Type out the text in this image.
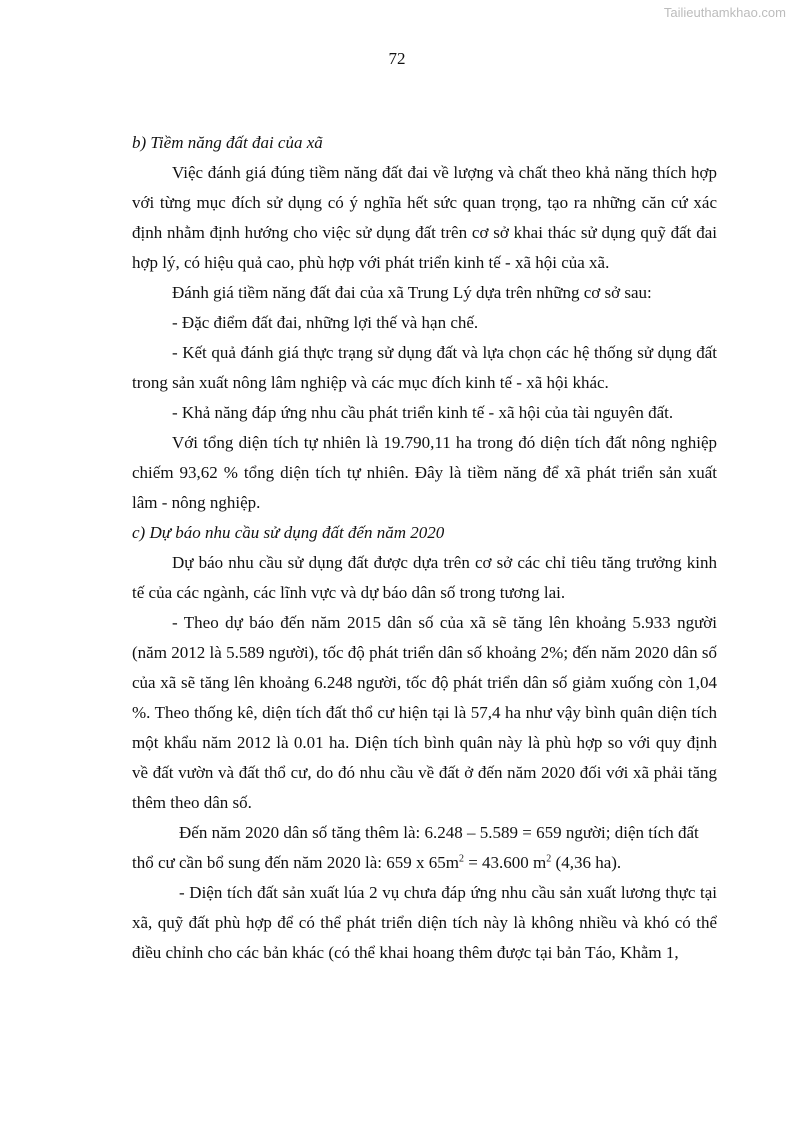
Tailieuthamkhao.com
72

b) Tiềm năng đất đai của xã

Việc đánh giá đúng tiềm năng đất đai về lượng và chất theo khả năng thích hợp với từng mục đích sử dụng có ý nghĩa hết sức quan trọng, tạo ra những căn cứ xác định nhằm định hướng cho việc sử dụng đất trên cơ sở khai thác sử dụng quỹ đất đai hợp lý, có hiệu quả cao, phù hợp với phát triển kinh tế - xã hội của xã.

Đánh giá tiềm năng đất đai của xã Trung Lý dựa trên những cơ sở sau:

- Đặc điểm đất đai, những lợi thế và hạn chế.

- Kết quả đánh giá thực trạng sử dụng đất và lựa chọn các hệ thống sử dụng đất trong sản xuất nông lâm nghiệp và các mục đích kinh tế - xã hội khác.

- Khả năng đáp ứng nhu cầu phát triển kinh tế - xã hội của tài nguyên đất.

Với tổng diện tích tự nhiên là 19.790,11 ha trong đó diện tích đất nông nghiệp chiếm 93,62 % tổng diện tích tự nhiên. Đây là tiềm năng để xã phát triển sản xuất lâm - nông nghiệp.

c) Dự báo nhu cầu sử dụng đất đến năm 2020

Dự báo nhu cầu sử dụng đất được dựa trên cơ sở các chỉ tiêu tăng trưởng kinh tế của các ngành, các lĩnh vực và dự báo dân số trong tương lai.

- Theo dự báo đến năm 2015 dân số của xã sẽ tăng lên khoảng 5.933 người (năm 2012 là 5.589 người), tốc độ phát triển dân số khoảng 2%; đến năm 2020 dân số của xã sẽ tăng lên khoảng 6.248 người, tốc độ phát triển dân số giảm xuống còn 1,04 %. Theo thống kê, diện tích đất thổ cư hiện tại là 57,4 ha như vậy bình quân diện tích một khẩu năm 2012 là 0.01 ha. Diện tích bình quân này là phù hợp so với quy định về đất vườn và đất thổ cư, do đó nhu cầu về đất ở đến năm 2020 đối với xã phải tăng thêm theo dân số.

Đến năm 2020 dân số tăng thêm là: 6.248 – 5.589 = 659 người; diện tích đất
thổ cư cần bổ sung đến năm 2020 là: 659 x $65m^2 = 43.600$ $m^2$ (4,36 ha).

- Diện tích đất sản xuất lúa 2 vụ chưa đáp ứng nhu cầu sản xuất lương thực tại xã, quỹ đất phù hợp để có thể phát triển diện tích này là không nhiều và khó có thể điều chỉnh cho các bản khác (có thể khai hoang thêm được tại bản Táo, Khằm 1,
